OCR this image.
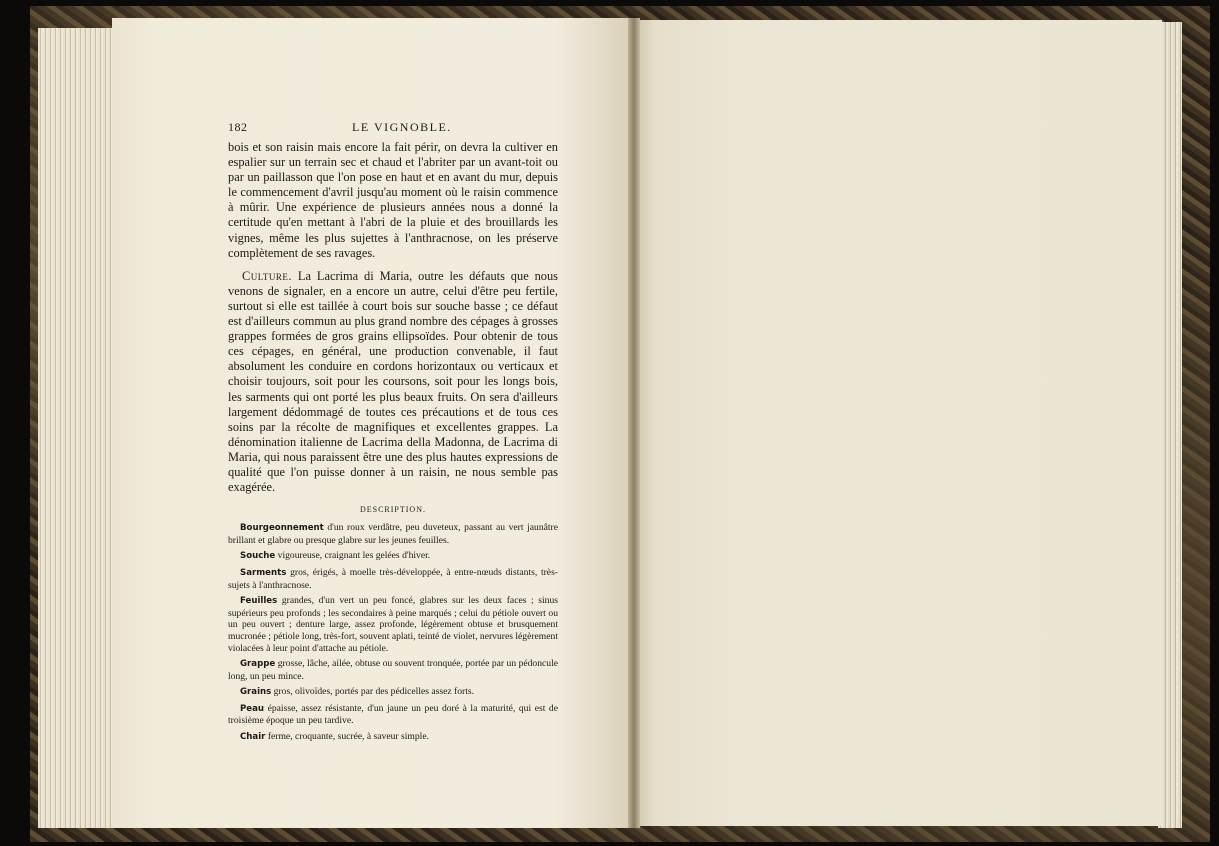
182	LE VIGNOBLE.

bois et son raisin mais encore la fait périr, on devra la cultiver en espalier sur un terrain sec et chaud et l'abriter par un avant-toit ou par un paillasson que l'on pose en haut et en avant du mur, depuis le commencement d'avril jusqu'au moment où le raisin commence à mûrir. Une expérience de plusieurs années nous a donné la certitude qu'en mettant à l'abri de la pluie et des brouillards les vignes, même les plus sujettes à l'anthracnose, on les préserve complètement de ses ravages.

Culture. La Lacrima di Maria, outre les défauts que nous venons de signaler, en a encore un autre, celui d'être peu fertile, surtout si elle est taillée à court bois sur souche basse ; ce défaut est d'ailleurs commun au plus grand nombre des cépages à grosses grappes formées de gros grains ellipsoïdes. Pour obtenir de tous ces cépages, en général, une production convenable, il faut absolument les conduire en cordons horizontaux ou verticaux et choisir toujours, soit pour les coursons, soit pour les longs bois, les sarments qui ont porté les plus beaux fruits. On sera d'ailleurs largement dédommagé de toutes ces précautions et de tous ces soins par la récolte de magnifiques et excellentes grappes. La dénomination italienne de Lacrima della Madonna, de Lacrima di Maria, qui nous paraissent être une des plus hautes expressions de qualité que l'on puisse donner à un raisin, ne nous semble pas exagérée.

DESCRIPTION.

Bourgeonnement d'un roux verdâtre, peu duveteux, passant au vert jaunâtre brillant et glabre ou presque glabre sur les jeunes feuilles.

Souche vigoureuse, craignant les gelées d'hiver.

Sarments gros, érigés, à moelle très-développée, à entre-nœuds distants, très-sujets à l'anthracnose.

Feuilles grandes, d'un vert un peu foncé, glabres sur les deux faces ; sinus supérieurs peu profonds ; les secondaires à peine marqués ; celui du pétiole ouvert ou un peu ouvert ; denture large, assez profonde, légèrement obtuse et brusquement mucronée ; pétiole long, très-fort, souvent aplati, teinté de violet, nervures légèrement violacées à leur point d'attache au pétiole.

Grappe grosse, lâche, ailée, obtuse ou souvent tronquée, portée par un pédoncule long, un peu mince.

Grains gros, olivoïdes, portés par des pédicelles assez forts.

Peau épaisse, assez résistante, d'un jaune un peu doré à la maturité, qui est de troisième époque un peu tardive.

Chair ferme, croquante, sucrée, à saveur simple.
